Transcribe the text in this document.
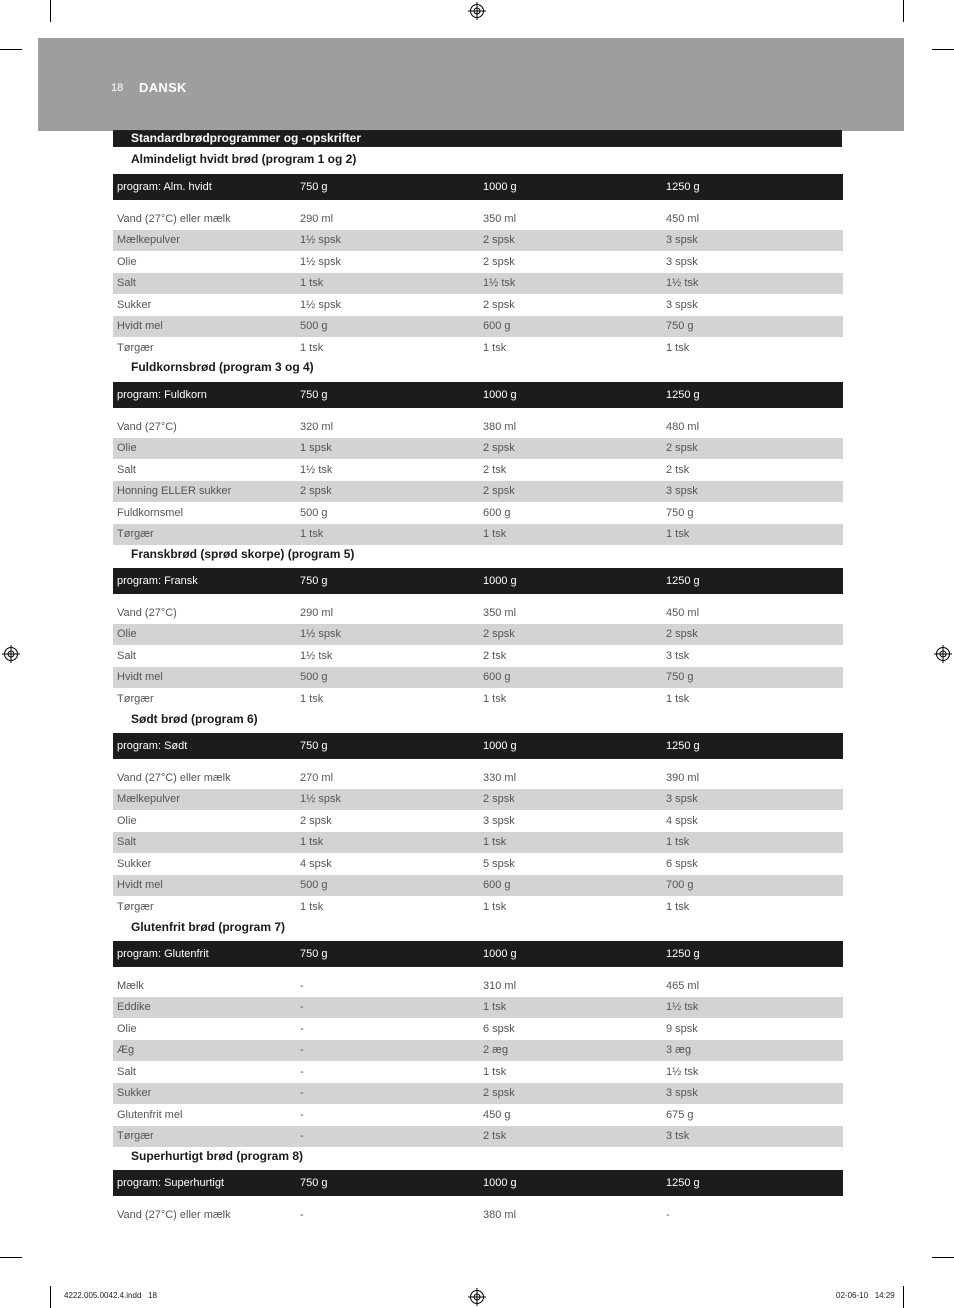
18 DANSK
Standardbrødprogrammer og -opskrifter
Almindeligt hvidt brød (program 1 og 2)
program: Alm. hvidt	750 g	1000 g	1250 g
Vand (27°C) eller mælk	290 ml	350 ml	450 ml
Mælkepulver	1½ spsk	2 spsk	3 spsk
Olie	1½ spsk	2 spsk	3 spsk
Salt	1 tsk	1½ tsk	1½ tsk
Sukker	1½ spsk	2 spsk	3 spsk
Hvidt mel	500 g	600 g	750 g
Tørgær	1 tsk	1 tsk	1 tsk
Fuldkornsbrød (program 3 og 4)
program: Fuldkorn	750 g	1000 g	1250 g
Vand (27°C)	320 ml	380 ml	480 ml
Olie	1 spsk	2 spsk	2 spsk
Salt	1½ tsk	2 tsk	2 tsk
Honning ELLER sukker	2 spsk	2 spsk	3 spsk
Fuldkornsmel	500 g	600 g	750 g
Tørgær	1 tsk	1 tsk	1 tsk
Franskbrød (sprød skorpe) (program 5)
program: Fransk	750 g	1000 g	1250 g
Vand (27°C)	290 ml	350 ml	450 ml
Olie	1½ spsk	2 spsk	2 spsk
Salt	1½ tsk	2 tsk	3 tsk
Hvidt mel	500 g	600 g	750 g
Tørgær	1 tsk	1 tsk	1 tsk
Sødt brød (program 6)
program: Sødt	750 g	1000 g	1250 g
Vand (27°C) eller mælk	270 ml	330 ml	390 ml
Mælkepulver	1½ spsk	2 spsk	3 spsk
Olie	2 spsk	3 spsk	4 spsk
Salt	1 tsk	1 tsk	1 tsk
Sukker	4 spsk	5 spsk	6 spsk
Hvidt mel	500 g	600 g	700 g
Tørgær	1 tsk	1 tsk	1 tsk
Glutenfrit brød (program 7)
program: Glutenfrit	750 g	1000 g	1250 g
Mælk	-	310 ml	465 ml
Eddike	-	1 tsk	1½ tsk
Olie	-	6 spsk	9 spsk
Æg	-	2 æg	3 æg
Salt	-	1 tsk	1½ tsk
Sukker	-	2 spsk	3 spsk
Glutenfrit mel	-	450 g	675 g
Tørgær	-	2 tsk	3 tsk
Superhurtigt brød (program 8)
program: Superhurtigt	750 g	1000 g	1250 g
Vand (27°C) eller mælk	-	380 ml	-
4222.005.0042.4.indd   18	02-06-10   14:29
